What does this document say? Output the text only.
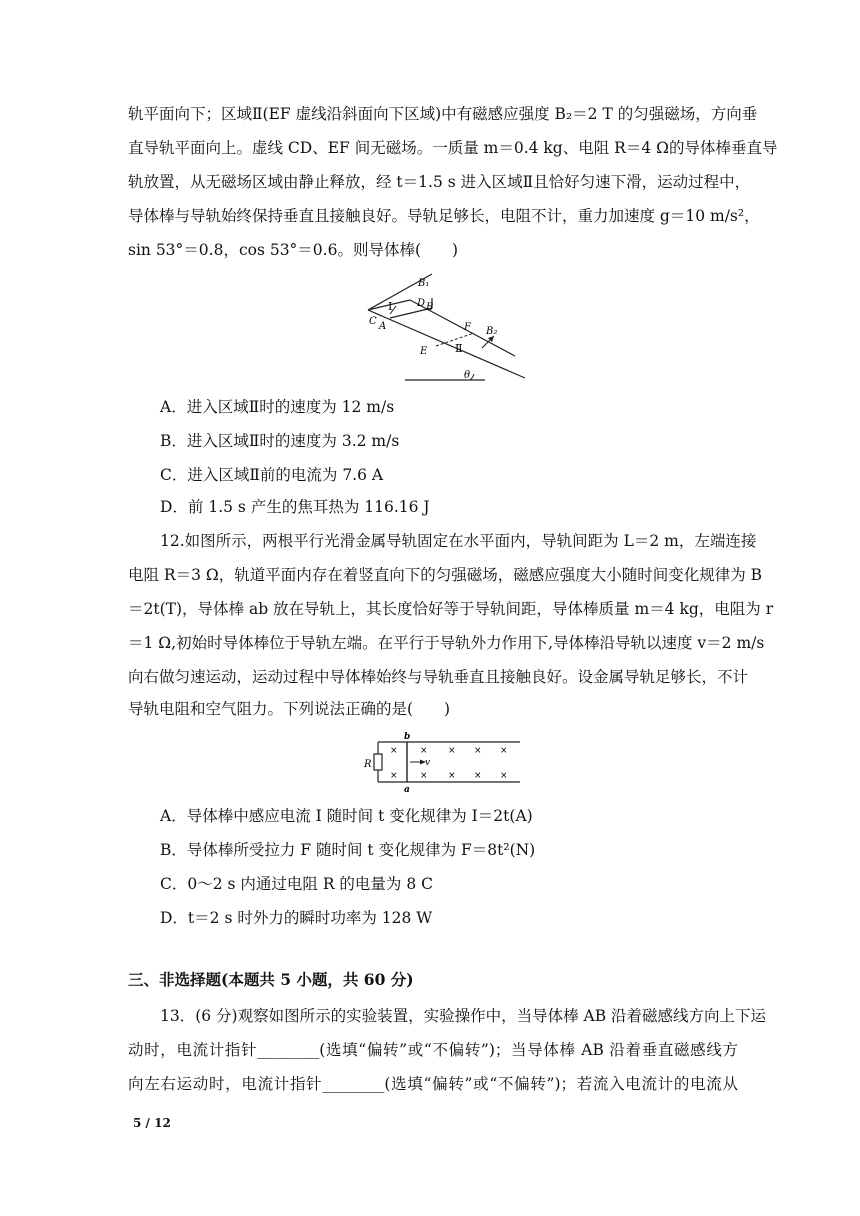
轨平面向下；区域Ⅱ(EF 虚线沿斜面向下区域)中有磁感应强度 B₂＝2 T 的匀强磁场，方向垂
直导轨平面向上。虚线 CD、EF 间无磁场。一质量 m＝0.4 kg、电阻 R＝4 Ω的导体棒垂直导
轨放置，从无磁场区域由静止释放，经 t＝1.5 s 进入区域Ⅱ且恰好匀速下滑，运动过程中，
导体棒与导轨始终保持垂直且接触良好。导轨足够长，电阻不计，重力加速度 g＝10 m/s²，
sin 53°＝0.8，cos 53°＝0.6。则导体棒(　　)
B₁
Ⅰ D B
C A	F B₂
Ⅱ
E
θ
A．进入区域Ⅱ时的速度为 12 m/s
B．进入区域Ⅱ时的速度为 3.2 m/s
C．进入区域Ⅱ前的电流为 7.6 A
D．前 1.5 s 产生的焦耳热为 116.16 J
12.如图所示，两根平行光滑金属导轨固定在水平面内，导轨间距为 L＝2 m，左端连接
电阻 R＝3 Ω，轨道平面内存在着竖直向下的匀强磁场，磁感应强度大小随时间变化规律为 B
＝2t(T)，导体棒 ab 放在导轨上，其长度恰好等于导轨间距，导体棒质量 m＝4 kg，电阻为 r
＝1 Ω,初始时导体棒位于导轨左端。在平行于导轨外力作用下,导体棒沿导轨以速度 v＝2 m/s
向右做匀速运动，运动过程中导体棒始终与导轨垂直且接触良好。设金属导轨足够长，不计
导轨电阻和空气阻力。下列说法正确的是(　　)
R
b
a
v
×
×
× × × ×
× × × ×
A．导体棒中感应电流 I 随时间 t 变化规律为 I＝2t(A)
B．导体棒所受拉力 F 随时间 t 变化规律为 F＝8t²(N)
C．0～2 s 内通过电阻 R 的电量为 8 C
D．t＝2 s 时外力的瞬时功率为 128 W
三、非选择题(本题共 5 小题，共 60 分)
13．(6 分)观察如图所示的实验装置，实验操作中，当导体棒 AB 沿着磁感线方向上下运
动时，电流计指针________(选填“偏转”或“不偏转”)；当导体棒 AB 沿着垂直磁感线方
向左右运动时，电流计指针________(选填“偏转”或“不偏转”)；若流入电流计的电流从
5 / 12
